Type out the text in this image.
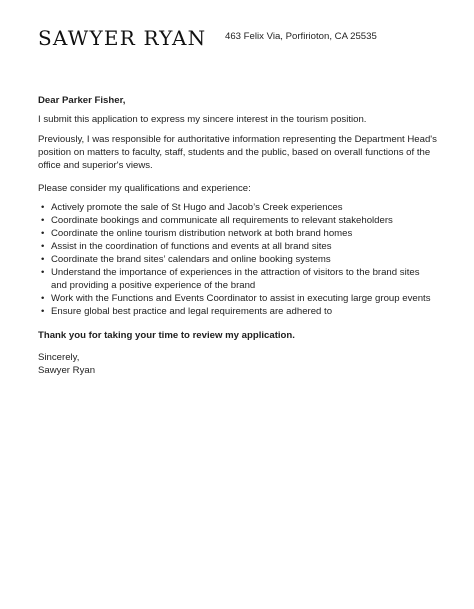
SAWYER RYAN 463 Felix Via, Porfirioton, CA 25535
Dear Parker Fisher,

I submit this application to express my sincere interest in the tourism position.

Previously, I was responsible for authoritative information representing the Department Head's position on matters to faculty, staff, students and the public, based on overall functions of the office and superior's views.

Please consider my qualifications and experience:

• Actively promote the sale of St Hugo and Jacob’s Creek experiences
• Coordinate bookings and communicate all requirements to relevant stakeholders
• Coordinate the online tourism distribution network at both brand homes
• Assist in the coordination of functions and events at all brand sites
• Coordinate the brand sites’ calendars and online booking systems
• Understand the importance of experiences in the attraction of visitors to the brand sites and providing a positive experience of the brand
• Work with the Functions and Events Coordinator to assist in executing large group events
• Ensure global best practice and legal requirements are adhered to

Thank you for taking your time to review my application.

Sincerely,
Sawyer Ryan
